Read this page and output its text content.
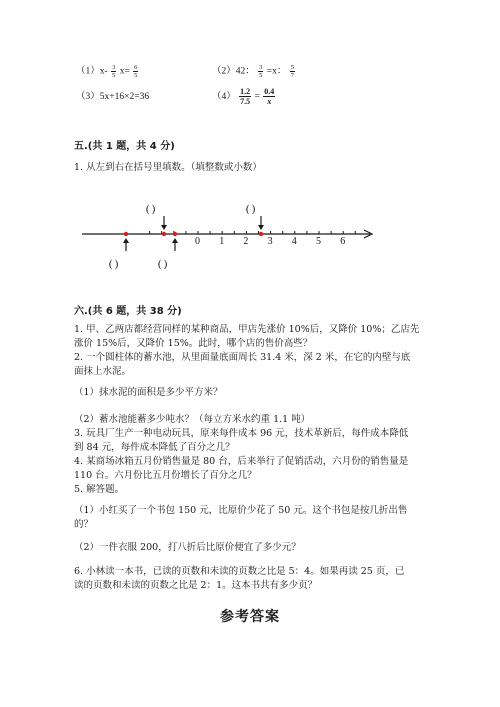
$(1)x- \frac{3}{5} x= \frac{6}{5}$	（2）42： $\frac{3}{5} =x$： $\frac{5}{7}$
（3）5x+16×2=36	$(4) \frac{1.2}{7.5} = \frac{0.4}{x}$
五.(共 1 题，共 4 分)
1. 从左到右在括号里填数。（填整数或小数）
0 1 2 3 4 5 6
( )	( )
( )	( )
六.(共 6 题，共 38 分)
1. 甲、乙两店都经营同样的某种商品，甲店先涨价 10%后，又降价 10%；乙店先
涨价 15%后，又降价 15%。此时，哪个店的售价高些？
2. 一个圆柱体的蓄水池，从里面量底面周长 31.4 米，深 2 米，在它的内壁与底
面抹上水泥。
（1）抹水泥的面积是多少平方米？
（2）蓄水池能蓄多少吨水？（每立方米水约重 1.1 吨）
3. 玩具厂生产一种电动玩具，原来每件成本 96 元，技术革新后，每件成本降低
到 84 元，每件成本降低了百分之几？
4. 某商场冰箱五月份销售量是 80 台，后来举行了促销活动，六月份的销售量是
110 台。六月份比五月份增长了百分之几？
5. 解答题。
（1）小红买了一个书包 150 元，比原价少花了 50 元。这个书包是按几折出售
的？
（2）一件衣服 200，打八折后比原价便宜了多少元？
6. 小林读一本书，已读的页数和未读的页数之比是 5：4。如果再读 25 页，已
读的页数和未读的页数之比是 2：1。这本书共有多少页？
参考答案
